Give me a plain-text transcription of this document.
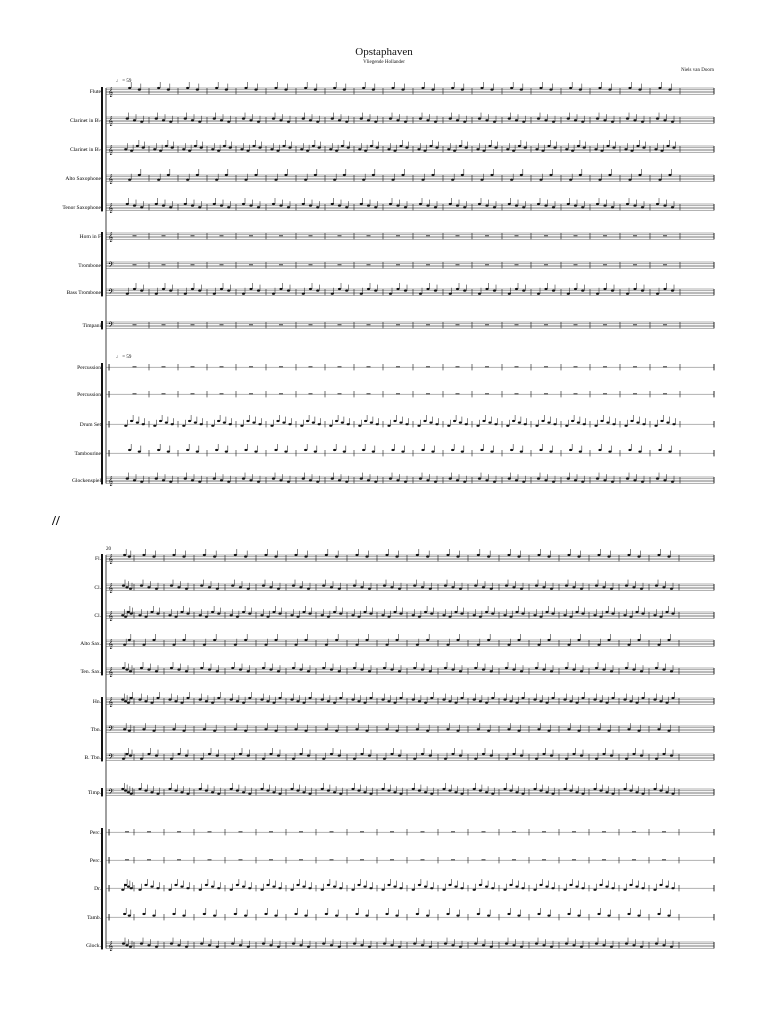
Opstaphaven
Vliegende Hollander
Niels van Doorn
𝄞
Flute
𝄞
Clarinet in B♭
𝄞
Clarinet in B♭
𝄞
Alto Saxophone
𝄞
Tenor Saxophone
𝄞
Horn in F
𝄢
Trombone
𝄢
Bass Trombone
𝄢
Timpani
‖
Percussion
‖
Percussion
‖
Drum Set
‖
Tambourine
𝄞
Glockenspiel
𝄞
Fl.
𝄞
Cl.
𝄞
Cl.
𝄞
Alto Sax.
𝄞
Ten. Sax.
𝄞
Hn.
𝄢
Tbn.
𝄢
B. Tbn.
𝄢
Timp.
‖
Perc.
‖
Perc.
‖
Dr.
‖
Tamb.
𝄞
Glock.
♩ = 59
♩ = 59
20
//
